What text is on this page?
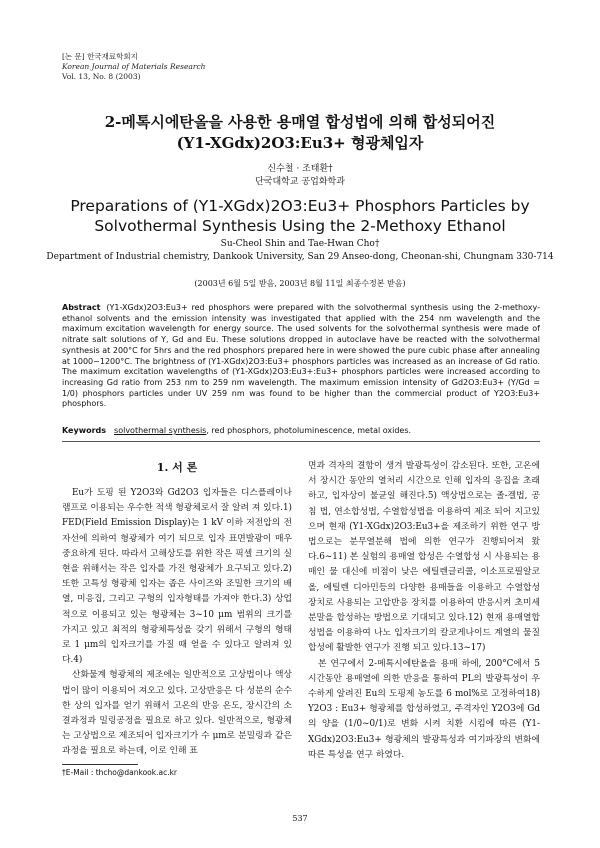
[논 문] 한국재료학회지
Korean Journal of Materials Research
Vol. 13, No. 8 (2003)
2-메톡시에탄올을 사용한 용매열 합성법에 의해 합성되어진
(Y1-XGdx)2O3:Eu3+ 형광체입자
신수철 · 조태환†
단국대학교 공업화학과
Preparations of (Y1-XGdx)2O3:Eu3+ Phosphors Particles by
Solvothermal Synthesis Using the 2-Methoxy Ethanol
Su-Cheol Shin and Tae-Hwan Cho†
Department of Industrial chemistry, Dankook University, San 29 Anseo-dong, Cheonan-shi, Chungnam 330-714
(2003년 6월 5일 받음, 2003년 8월 11일 최종수정본 받음)
Abstract (Y1-XGdx)2O3:Eu3+ red phosphors were prepared with the solvothermal synthesis using the 2-methoxy-ethanol solvents and the emission intensity was investigated that applied with the 254 nm wavelength and the maximum excitation wavelength for energy source. The used solvents for the solvothermal synthesis were made of nitrate salt solutions of Y, Gd and Eu. These solutions dropped in autoclave have be reacted with the solvothermal synthesis at 200°C for 5hrs and the red phosphors prepared here in were showed the pure cubic phase after annealing at 1000~1200°C. The brightness of (Y1-XGdx)2O3:Eu3+ phosphors particles was increased as an increase of Gd ratio. The maximum excitation wavelengths of (Y1-XGdx)2O3:Eu3+:Eu3+ phosphors particles were increased according to increasing Gd ratio from 253 nm to 259 nm wavelength. The maximum emission intensity of Gd2O3:Eu3+ (Y/Gd = 1/0) phosphors particles under UV 259 nm was found to be higher than the commercial product of Y2O3:Eu3+ phosphors.
Keywords solvothermal synthesis, red phosphors, photoluminescence, metal oxides.
1. 서 론

Eu가 도핑 된 Y2O3와 Gd2O3 입자들은 디스플레이나 램프로 이용되는 우수한 적색 형광체로서 잘 알려 져 있다.1) FED(Field Emission Display)는 1 kV 이하 저전압의 전자선에 의하여 형광체가 여기 되므로 입자 표면발광이 매우 중요하게 된다. 따라서 고해상도를 위한 작은 픽셀 크기의 실현을 위해서는 작은 입자를 가진 형광체가 요구되고 있다.2) 또한 고특성 형광체 입자는 좁은 사이즈와 조밀한 크기의 배열, 미응집, 그리고 구형의 입자형태를 가져야 한다.3) 상업적으로 이용되고 있는 형광체는 3~10 μm 범위의 크기를 가지고 있고 최적의 형광체특성을 갖기 위해서 구형의 형태로 1 μm의 입자크기를 가질 때 얻을 수 있다고 알려져 있다.4)

산화물계 형광체의 제조에는 일반적으로 고상법이나 액상법이 많이 이용되어 져오고 있다. 고상반응은 다 성분의 순수한 상의 입자를 얻기 위해서 고온의 반응 온도, 장시간의 소결과정과 밀링공정을 필요로 하고 있다. 일반적으로, 형광체는 고상법으로 제조되어 입자크기가 수 μm로 분밀링과 같은 과정을 필요로 하는데, 이로 인해 표

면과 격자의 결함이 생겨 발광특성이 감소된다. 또한, 고온에서 장시간 동안의 열처리 시간으로 인해 입자의 응집을 초래하고, 입자상이 불균일 해진다.5) 액상법으로는 졸-겔법, 공침 법, 연소합성법, 수열합성법을 이용하여 제조 되어 지고있으며 현재 (Y1-XGdx)2O3:Eu3+을 제조하기 위한 연구 방법으로는 분무열분해 법에 의한 연구가 진행되어져 왔다.6~11) 본 실험의 용매열 합성은 수열합성 시 사용되는 용매인 물 대신에 비점이 낮은 에틸렌글리콜, 이소프로필알코올, 에틸렌 디아민등의 다양한 용매들을 이용하고 수열합성장치로 사용되는 고압반응 장치를 이용하여 반응시켜 초미세 분말을 합성하는 방법으로 기대되고 있다.12) 현재 용매열합성법을 이용하여 나노 입자크기의 칼코게나이드 계열의 물질합성에 활발한 연구가 진행 되고 있다.13~17)

본 연구에서 2-메톡시에탄올을 용매 하에, 200°C에서 5시간동안 용매열에 의한 반응을 통하여 PL의 발광특성이 우수하게 알려진 Eu의 도핑제 농도를 6 mol%로 고정하여18) Y2O3 : Eu3+ 형광체를 합성하였고, 주격자인 Y2O3에 Gd의 양을 (1/0~0/1)로 변화 시켜 치환 시킴에 따른 (Y1-XGdx)2O3:Eu3+ 형광체의 발광특성과 여기파장의 변화에 따른 특성을 연구 하였다.

†E-Mail : thcho@dankook.ac.kr
537
